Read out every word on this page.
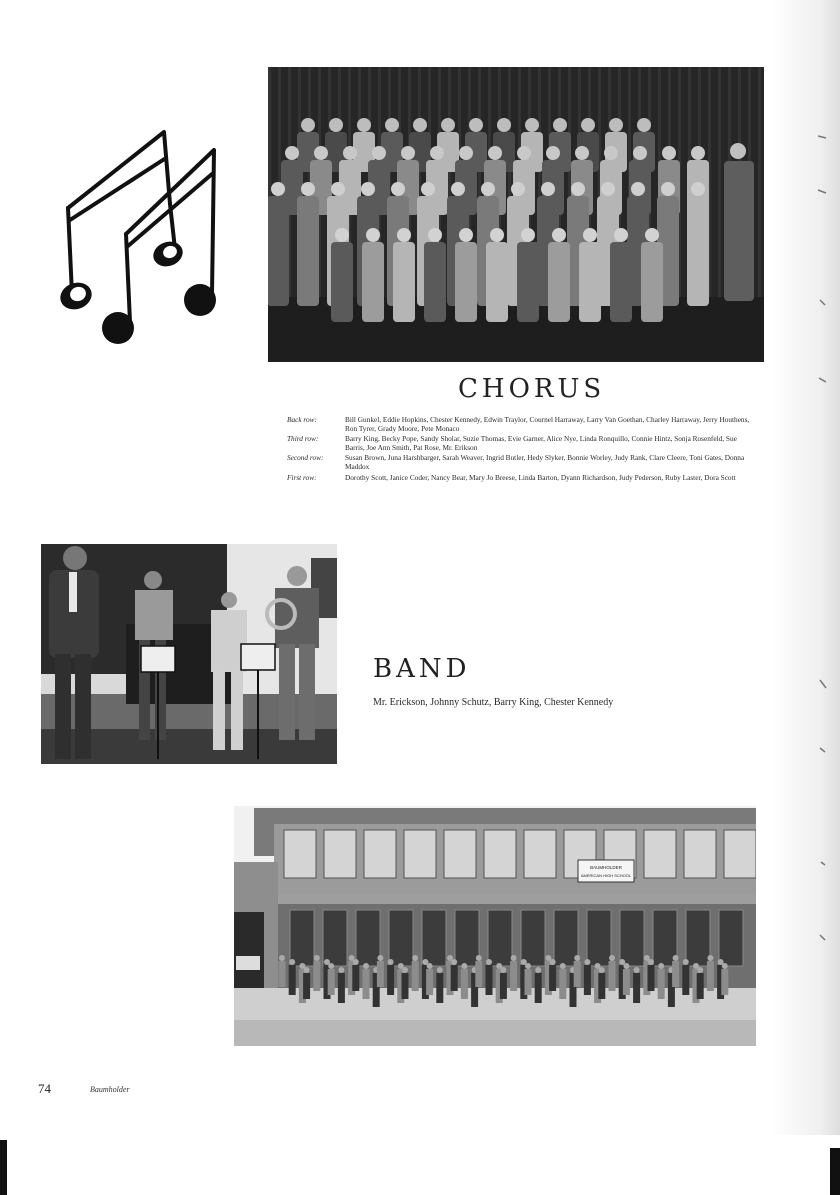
CHORUS
Back row:	Bill Gunkel, Eddie Hopkins, Chester Kennedy, Edwin Traylor, Cournel Harraway, Larry Van Goethan, Charley Harraway, Jerry Houthens, Ron Tyrer, Grady Moore, Pete Monaco
Third row:	Barry King, Becky Pope, Sandy Sholar, Suzie Thomas, Evie Garner, Alice Nye, Linda Ronquillo, Connie Hintz, Sonja Rosenfeld, Sue Barris, Joe Ann Smith, Pat Rose, Mr. Erikson
Second row:	Susan Brown, Juna Harshbarger, Sarah Weaver, Ingrid Butler, Hedy Slyker, Bonnie Worley, Judy Rank, Clare Cleere, Toni Gates, Donna Maddox
First row:	Dorothy Scott, Janice Coder, Nancy Bear, Mary Jo Breese, Linda Barton, Dyann Richardson, Judy Pederson, Ruby Laster, Dora Scott
BAND
Mr. Erickson, Johnny Schutz, Barry King, Chester Kennedy
BAUMHOLDER
AMERICAN HIGH SCHOOL
74	Baumholder
